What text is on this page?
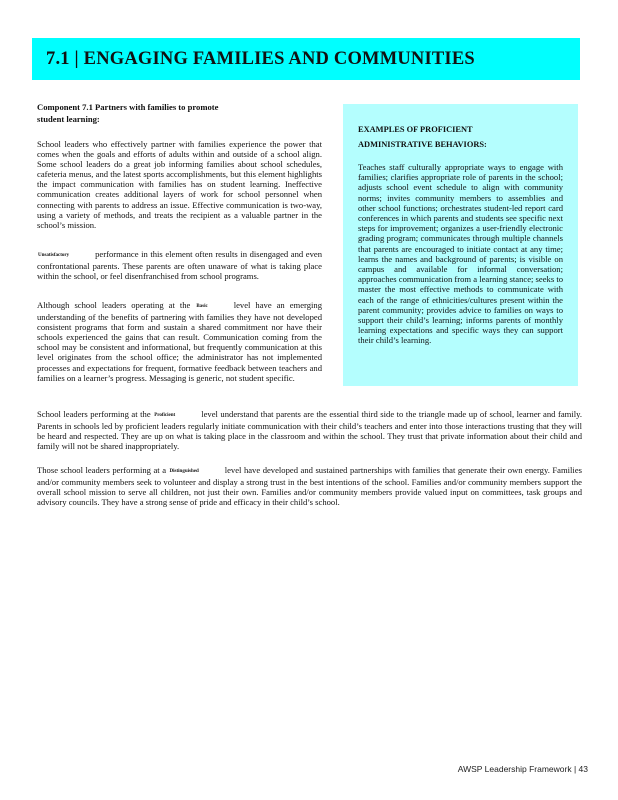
7.1 | ENGAGING FAMILIES AND COMMUNITIES
Component 7.1 Partners with families to promote student learning:

School leaders who effectively partner with families experience the power that comes when the goals and efforts of adults within and outside of a school align. Some school leaders do a great job informing families about school schedules, cafeteria menus, and the latest sports accomplishments, but this element highlights the impact communication with families has on student learning. Ineffective communication creates additional layers of work for school personnel when connecting with parents to address an issue. Effective communication is two-way, using a variety of methods, and treats the recipient as a valuable partner in the school’s mission.

Unsatisfactory	performance in this element often results in disengaged and even confrontational parents. These parents are often unaware of what is taking place within the school, or feel disenfranchised from school programs.

Although school leaders operating at the Basic	level have an emerging understanding of the benefits of partnering with families they have not developed consistent programs that form and sustain a shared commitment nor have their schools experienced the gains that can result. Communication coming from the school may be consistent and informational, but frequently communication at this level originates from the school office; the administrator has not implemented processes and expectations for frequent, formative feedback between teachers and families on a learner’s progress. Messaging is generic, not student specific.

School leaders performing at the Proficient	level understand that parents are the essential third side to the triangle made up of school, learner and family. Parents in schools led by proficient leaders regularly initiate communication with their child’s teachers and enter into those interactions trusting that they will be heard and respected. They are up on what is taking place in the classroom and within the school. They trust that private information about their child and family will not be shared inappropriately.

Those school leaders performing at a Distinguished	level have developed and sustained partnerships with families that generate their own energy. Families and/or community members seek to volunteer and display a strong trust in the best intentions of the school. Families and/or community members support the overall school mission to serve all children, not just their own. Families and/or community members provide valued input on committees, task groups and advisory councils. They have a strong sense of pride and efficacy in their child’s school.

EXAMPLES OF PROFICIENT ADMINISTRATIVE BEHAVIORS:
Teaches staff culturally appropriate ways to engage with families; clarifies appropriate role of parents in the school; adjusts school event schedule to align with community norms; invites community members to assemblies and other school functions; orchestrates student-led report card conferences in which parents and students see specific next steps for improvement; organizes a user-friendly electronic grading program; communicates through multiple channels that parents are encouraged to initiate contact at any time; learns the names and background of parents; is visible on campus and available for informal conversation; approaches communication from a learning stance; seeks to master the most effective methods to communicate with each of the range of ethnicities/cultures present within the parent community; provides advice to families on ways to support their child’s learning; informs parents of monthly learning expectations and specific ways they can support their child’s learning.
AWSP Leadership Framework | 43
